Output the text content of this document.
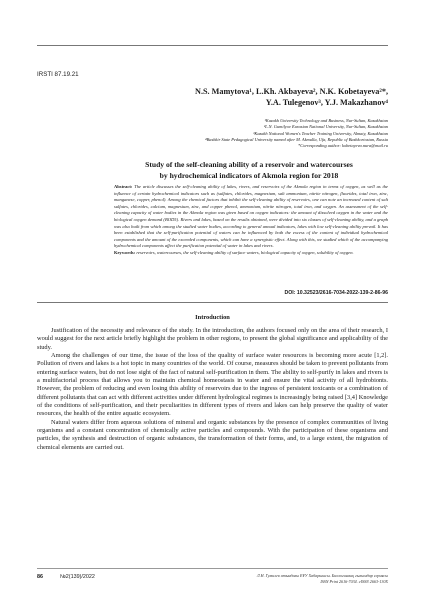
IRSTI 87.19.21
N.S. Mamytova¹, L.Kh. Akbayeva², N.K. Kobetayeva²*,
Y.A. Tulegenov³, Y.J. Makazhanov⁴
¹Kazakh University Technology and Business, Nur-Sultan, Kazakhstan
²L.N. Gumilyov Eurasian National University, Nur-Sultan, Kazakhstan
³Kazakh National Women's Teacher Training University, Almaty, Kazakhstan
⁴Bashkir State Pedagogical University named after M. Akmulla, Ufa, Republic of Bashkortostan, Russia
*Corresponding author: kobetayeva.nura@mail.ru
Study of the self-cleaning ability of a reservoir and watercourses
by hydrochemical indicators of Akmola region for 2018
Abstract: The article discusses the self-cleaning ability of lakes, rivers, and reservoirs of the Akmola region in terms of oxygen, as well as the influence of certain hydrochemical indicators such as (sulfates, chlorides, magnesium, salt ammonium, nitrite nitrogen, fluorides, total iron, zinc, manganese, copper, phenol). Among the chemical factors that inhibit the self-cleaning ability of reservoirs, one can note an increased content of salt sulfates, chlorides, calcium, magnesium, zinc, and copper phenol, ammonium, nitrite nitrogen, total iron, and oxygen. An assessment of the self-cleaning capacity of water bodies in the Akmola region was given based on oxygen indicators: the amount of dissolved oxygen in the water and the biological oxygen demand (BOD5). Rivers and lakes, based on the results obtained, were divided into six classes of self-cleaning ability, and a graph was also built from which among the studied water bodies, according to general annual indicators, lakes with low self-cleaning ability prevail. It has been established that the self-purification potential of waters can be influenced by both the excess of the content of individual hydrochemical components and the amount of the exceeded components, which can have a synergistic effect. Along with this, we studied which of the accompanying hydrochemical components affect the purification potential of water in lakes and rivers.
Keywords: reservoirs, watercourses, the self-cleaning ability of surface waters, biological capacity of oxygen, solubility of oxygen.
DOI: 10.32523/2616-7034-2022-139-2-86-96
Introduction

Justification of the necessity and relevance of the study. In the introduction, the authors focused only on the area of their research, I would suggest for the next article briefly highlight the problem in other regions, to present the global significance and applicability of the study.

Among the challenges of our time, the issue of the loss of the quality of surface water resources is becoming more acute [1,2]. Pollution of rivers and lakes is a hot topic in many countries of the world. Of course, measures should be taken to prevent pollutants from entering surface waters, but do not lose sight of the fact of natural self-purification in them. The ability to self-purify in lakes and rivers is a multifactorial process that allows you to maintain chemical homeostasis in water and ensure the vital activity of all hydrobionts. However, the problem of reducing and even losing this ability of reservoirs due to the ingress of persistent toxicants or a combination of different pollutants that can act with different activities under different hydrological regimes is increasingly being raised [3,4] Knowledge of the conditions of self-purification, and their peculiarities in different types of rivers and lakes can help preserve the quality of water resources, the health of the entire aquatic ecosystem.

Natural waters differ from aqueous solutions of mineral and organic substances by the presence of complex communities of living organisms and a constant concentration of chemically active particles and compounds. With the participation of these organisms and particles, the synthesis and destruction of organic substances, the transformation of their forms, and, to a large extent, the migration of chemical elements are carried out.

86	№2(139)/2022	Л.Н. Гумилев атындағы ЕҰУ Хабаршысы. Биологиялық ғылымдар сериясы
ISSN Print 2616-7034. eISSN 2663-130X
